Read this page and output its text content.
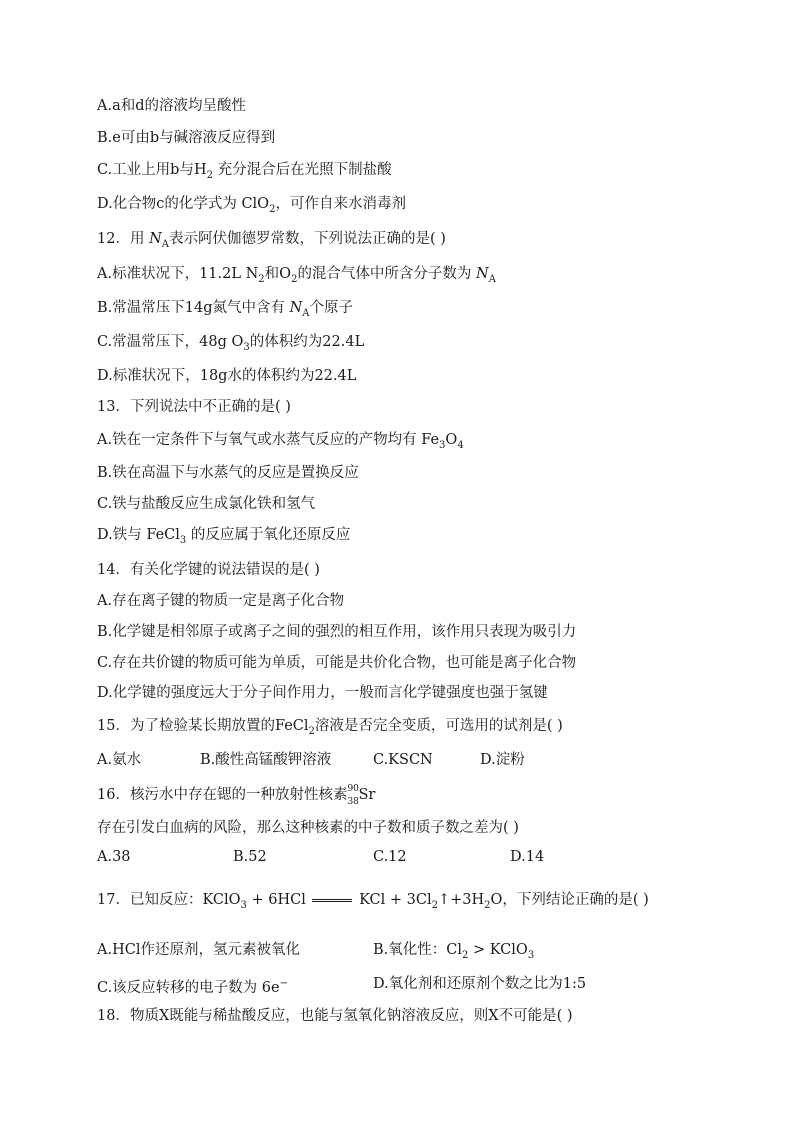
A.a和d的溶液均呈酸性
B.e可由b与碱溶液反应得到
C.工业上用b与$H_2$ 充分混合后在光照下制盐酸
D.化合物c的化学式为 ClO$_2$，可作自来水消毒剂
12．用 $N_A$表示阿伏伽德罗常数，下列说法正确的是( )
A.标准状况下，11.2L $N_2$和$O_2$的混合气体中所含分子数为 $N_A$
B.常温常压下14g氮气中含有 $N_A$个原子
C.常温常压下，48g $O_3$的体积约为22.4L
D.标准状况下，18g水的体积约为22.4L
13．下列说法中不正确的是( )
A.铁在一定条件下与氧气或水蒸气反应的产物均有 $Fe_3O_4$
B.铁在高温下与水蒸气的反应是置换反应
C.铁与盐酸反应生成氯化铁和氢气
D.铁与 FeCl$_3$ 的反应属于氧化还原反应
14．有关化学键的说法错误的是( )
A.存在离子键的物质一定是离子化合物
B.化学键是相邻原子或离子之间的强烈的相互作用，该作用只表现为吸引力
C.存在共价键的物质可能为单质，可能是共价化合物，也可能是离子化合物
D.化学键的强度远大于分子间作用力，一般而言化学键强度也强于氢键
15．为了检验某长期放置的FeCl$_2$溶液是否完全变质，可选用的试剂是( )
A.氨水	B.酸性高锰酸钾溶液	C.KSCN	D.淀粉
16．核污水中存在锶的一种放射性核素 90
38 Sr
存在引发白血病的风险，那么这种核素的中子数和质子数之差为( )
A.38	B.52	C.12	D.14
17．已知反应：KClO$_3$ + 6HCl	KCl + $3Cl_2↑+3H_2O$，下列结论正确的是( )
A.HCl作还原剂，氢元素被氧化	B.氧化性：$Cl_2$ > KClO$_3$
C.该反应转移的电子数为 6e−	D.氧化剂和还原剂个数之比为1:5
18．物质X既能与稀盐酸反应，也能与氢氧化钠溶液反应，则X不可能是( )
